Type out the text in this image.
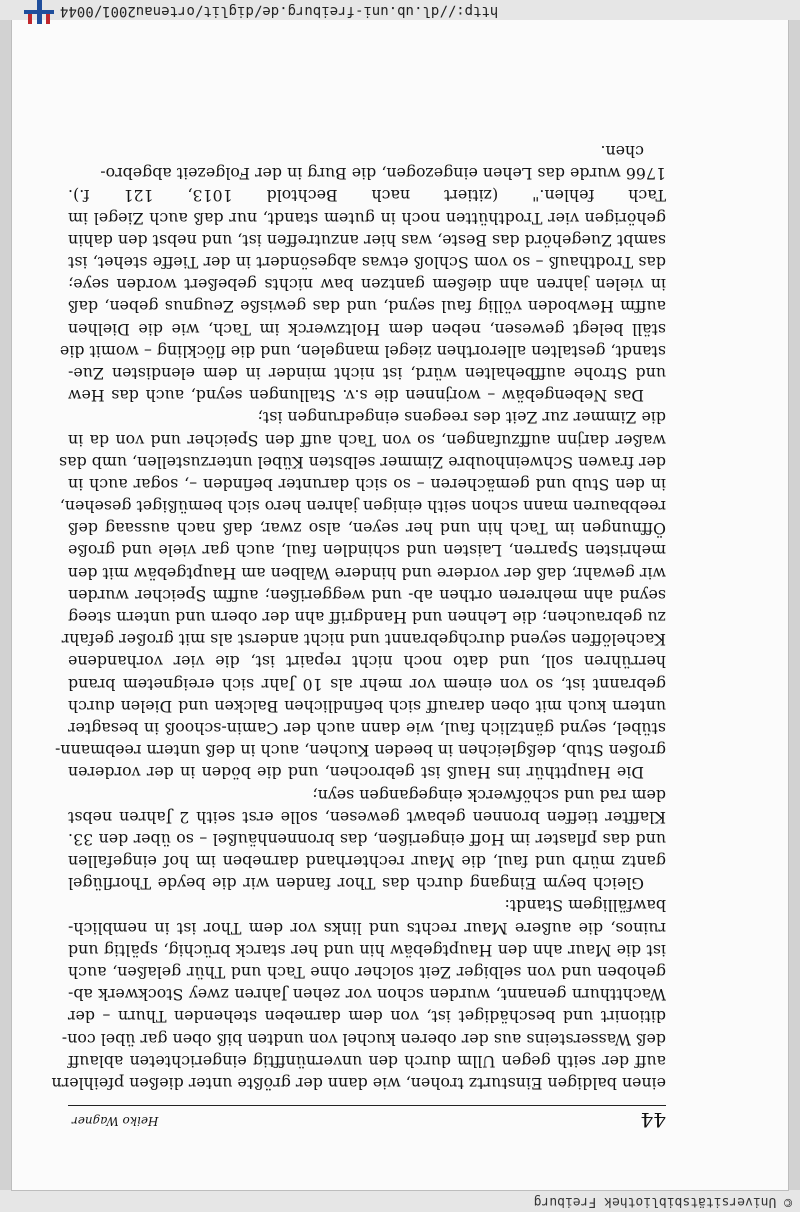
© Universitätsbibliothek Freiburg
44
Heiko Wagner
einen baldigen Einsturtz trohen, wie dann der größte unter dießen pfeihlern
auff der seith gegen Ullm durch den unvernünfftig eingerichteten ablauff
deß Wassersteins aus der oberen kuchel von undten biß oben gar übel con-
ditionirt und beschädiget ist, von dem darneben stehenden Thurn – der
Wachtthurn genannt, wurden schon vor zehen Jahren zwey Stockwerk ab-
gehoben und von selbiger Zeit solcher ohne Tach und Thür gelaßen, auch
ist die Maur ahn den Hauptgebäw hin und her starck brüchig, spältig und
ruinos, die außere Maur rechts und links vor dem Thor ist in nemblich-
bawfälligem Standt:
Gleich beym Eingang durch das Thor fanden wir die beyde Thorflügel
gantz mürb und faul, die Maur rechterhand darneben im hof eingefallen
und das pflaster im Hoff eingerißen, das bronnenhäußel – so über den 33.
Klaffter tieffen bronnen gebawt gewesen, solle erst seith 2 Jahren nebst
dem rad und schöfwerck eingegangen seyn;
Die Hauptthür ins Hauß ist gebrochen, und die böden in der vorderen
großen Stub, deßgleichen in beeden Kuchen, auch in deß untern reebmann-
stübel, seynd gäntzlich faul, wie dann auch der Camin-schooß in besagter
untern kuch mit oben darauff sich befindlichen Balcken und Dielen durch
gebrannt ist, so von einem vor mehr als 10 Jahr sich ereignetem brand
herrühren soll, und dato noch nicht repairt ist, die vier vorhandene
Kachelöffen seyend durchgebrannt und nicht anderst als mit großer gefahr
zu gebrauchen; die Lehnen und Handgriff ahn der obern und untern steeg
seynd ahn mehreren orthen ab- und weggerißen; auffm Speicher wurden
wir gewahr, daß der vordere und hindere Walben am Hauptgebäw mit den
mehristen Sparren, Laisten und schindlen faul, auch gar viele und große
Öffnungen im Tach hin und her seyen, also zwar, daß nach aussaag deß
reebbauren mann schon seith einigen jahren hero sich bemüßiget gesehen,
in den Stub und gemächeren – so sich darunter befinden –, sogar auch in
der frawen Schweinhoubre Zimmer selbsten Kübel unterzustellen, umb das
waßer darjnn auffzufangen, so von Tach auff den Speicher und von da in
die Zimmer zur Zeit des reegens eingedrungen ist;
Das Nebengebäw – worjnnen die s.v. Stallungen seynd, auch das Hew
und Strohe auffbehalten würd, ist nicht minder in dem elendisten Zue-
standt, gestalten allerorthen ziegel mangelen, und die flöckling – womit die
ställ belegt gewesen, neben dem Holtzwerck im Tach, wie die Dielhen
auffm Hewboden völlig faul seynd, und das gewisße Zeugnus geben, daß
in vielen jahren ahn dießem gantzen baw nichts gebeßert worden seye;
das Trodthauß – so vom Schloß etwas abgesöndert in der Tieffe stehet, ist
sambt Zuegehörd das Beste, was hier anzutreffen ist, und nebst den dahin
gehörigen vier Trodthütten noch in gutem standt, nur daß auch Ziegel im
Tach fehlen." (zitiert nach Bechtold 1013, 121 f.).
1766 wurde das Lehen eingezogen, die Burg in der Folgezeit abgebro-
chen.
http://dl.ub.uni-freiburg.de/diglit/ortenau2001/0044
